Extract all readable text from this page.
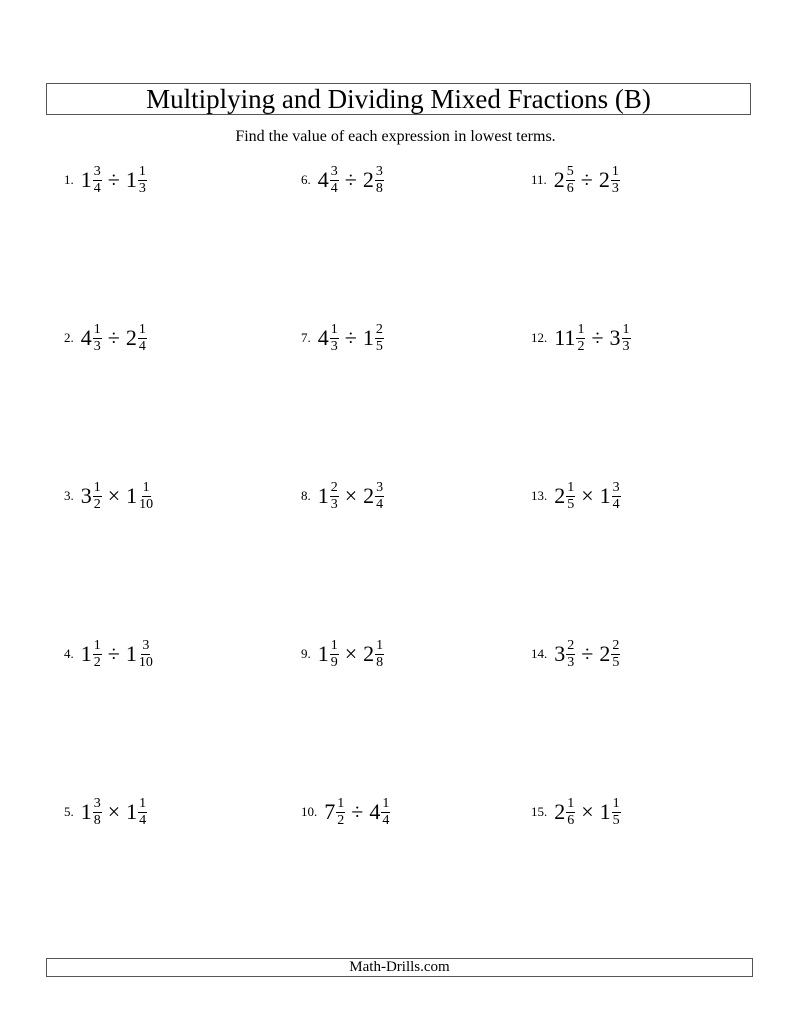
Multiplying and Dividing Mixed Fractions (B)
Find the value of each expression in lowest terms.
1. $1 \frac{3}{4} \div 1 \frac{1}{3}$
2. $4 \frac{1}{3} \div 2 \frac{1}{4}$
3. $3 \frac{1}{2} \times 1 \frac{1}{10}$
4. $1 \frac{1}{2} \div 1 \frac{3}{10}$
5. $1 \frac{3}{8} \times 1 \frac{1}{4}$
6. $4 \frac{3}{4} \div 2 \frac{3}{8}$
7. $4 \frac{1}{3} \div 1 \frac{2}{5}$
8. $1 \frac{2}{3} \times 2 \frac{3}{4}$
9. $1 \frac{1}{9} \times 2 \frac{1}{8}$
10. $7 \frac{1}{2} \div 4 \frac{1}{4}$
11. $2 \frac{5}{6} \div 2 \frac{1}{3}$
12. $11 \frac{1}{2} \div 3 \frac{1}{3}$
13. $2 \frac{1}{5} \times 1 \frac{3}{4}$
14. $3 \frac{2}{3} \div 2 \frac{2}{5}$
15. $2 \frac{1}{6} \times 1 \frac{1}{5}$
Math-Drills.com
